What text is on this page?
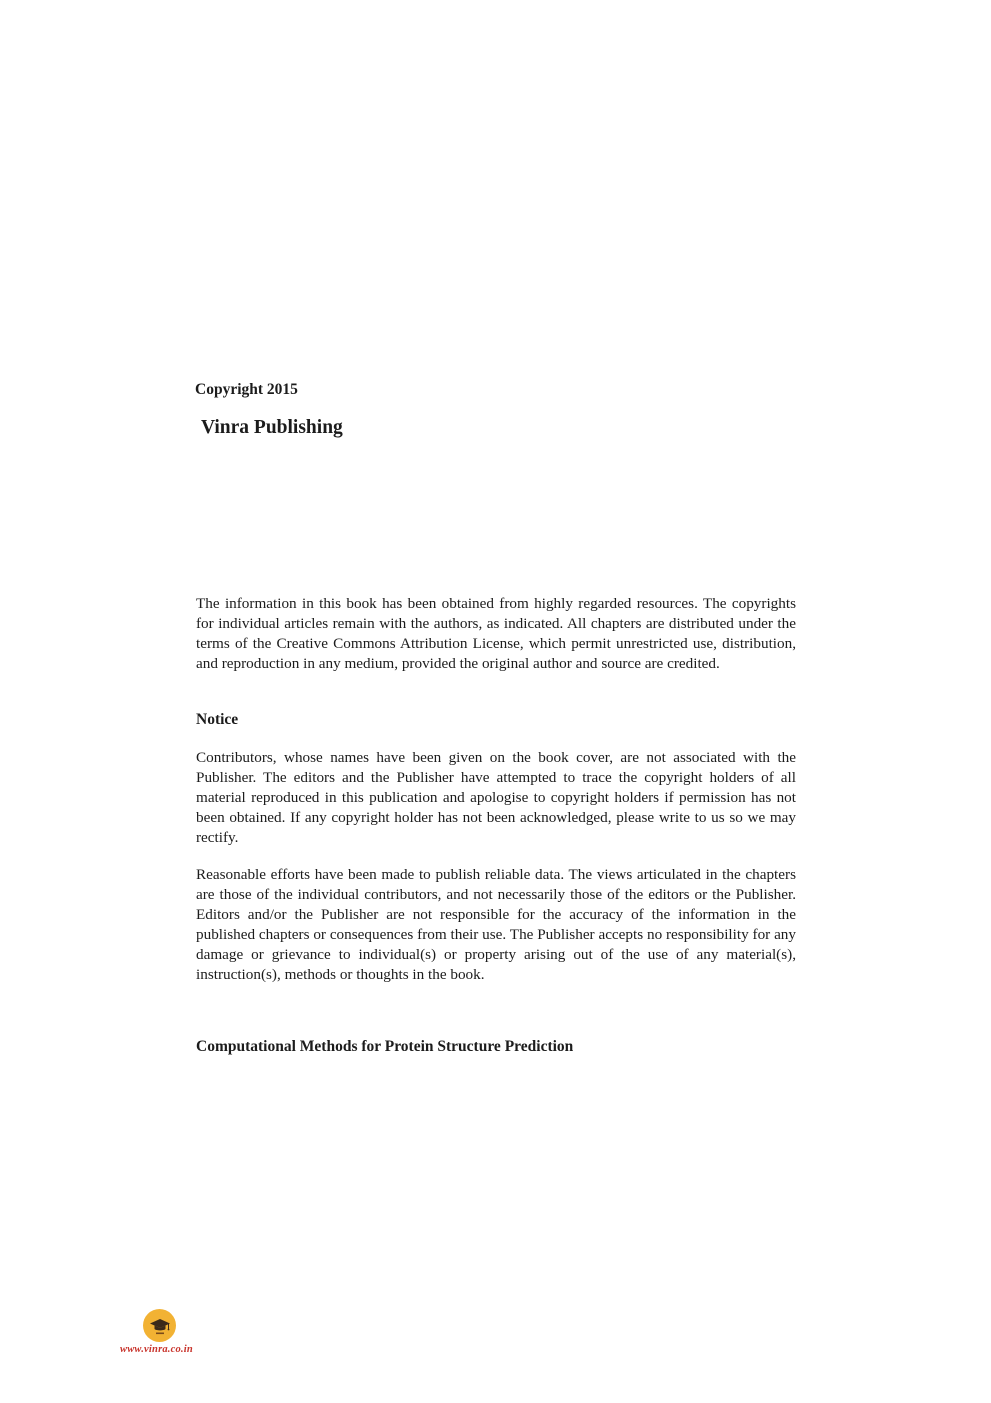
Copyright 2015

Vinra Publishing

The information in this book has been obtained from highly regarded resources. The copyrights for individual articles remain with the authors, as indicated. All chapters are distributed under the terms of the Creative Commons Attribution License, which permit unrestricted use, distribution, and reproduction in any medium, provided the original author and source are credited.

Notice

Contributors, whose names have been given on the book cover, are not associated with the Publisher. The editors and the Publisher have attempted to trace the copyright holders of all material reproduced in this publication and apologise to copyright holders if permission has not been obtained. If any copyright holder has not been acknowledged, please write to us so we may rectify.

Reasonable efforts have been made to publish reliable data. The views articulated in the chapters are those of the individual contributors, and not necessarily those of the editors or the Publisher. Editors and/or the Publisher are not responsible for the accuracy of the information in the published chapters or consequences from their use. The Publisher accepts no responsibility for any damage or grievance to individual(s) or property arising out of the use of any material(s), instruction(s), methods or thoughts in the book.

Computational Methods for Protein Structure Prediction

www.vinra.co.in
